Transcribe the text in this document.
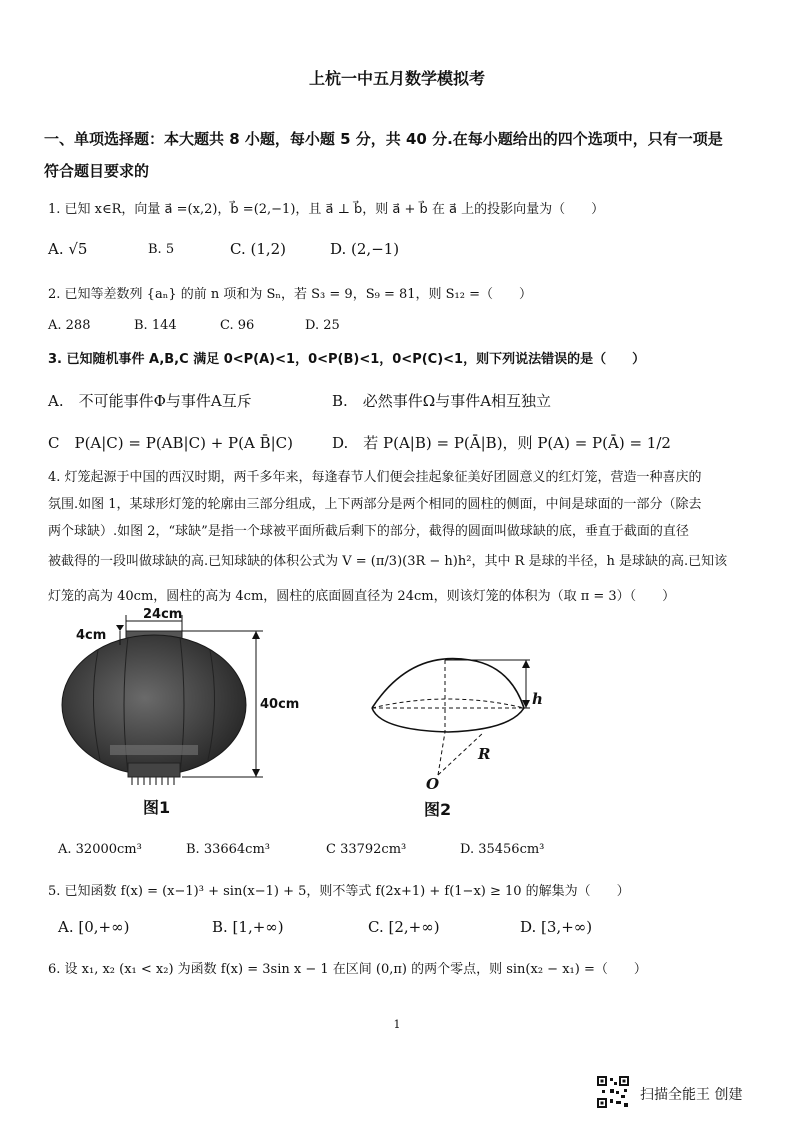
上杭一中五月数学模拟考
一、单项选择题：本大题共 8 小题，每小题 5 分，共 40 分.在每小题给出的四个选项中，只有一项是
符合题目要求的
1. 已知 x∈R，向量 a⃗ =(x,2)，b⃗ =(2,−1)，且 a⃗ ⊥ b⃗，则 a⃗ + b⃗ 在 a⃗ 上的投影向量为（　　）
A. √5	B. 5	C. (1,2)	D. (2,−1)
2. 已知等差数列 {aₙ} 的前 n 项和为 Sₙ，若 S₃ = 9，S₉ = 81，则 S₁₂ =（　　）
A. 288	B. 144	C. 96	D. 25
3. 已知随机事件 A,B,C 满足 0<P(A)<1，0<P(B)<1，0<P(C)<1，则下列说法错误的是（　　）
A.　不可能事件Φ与事件A互斥	B.　必然事件Ω与事件A相互独立
C　P(A|C) = P(AB|C) + P(A B̄|C)	D.　若 P(A|B) = P(Ā|B)，则 P(A) = P(Ā) = 1/2
4. 灯笼起源于中国的西汉时期，两千多年来，每逢春节人们便会挂起象征美好团圆意义的红灯笼，营造一种喜庆的
氛围.如图 1，某球形灯笼的轮廓由三部分组成，上下两部分是两个相同的圆柱的侧面，中间是球面的一部分（除去
两个球缺）.如图 2，“球缺”是指一个球被平面所截后剩下的部分，截得的圆面叫做球缺的底，垂直于截面的直径
被截得的一段叫做球缺的高.已知球缺的体积公式为 V = (π/3)(3R − h)h²，其中 R 是球的半径，h 是球缺的高.已知该
灯笼的高为 40cm，圆柱的高为 4cm，圆柱的底面圆直径为 24cm，则该灯笼的体积为（取 π = 3）（　　）
24cm
4cm
40cm
图1
h
R
O
图2
A. 32000cm³	B. 33664cm³	C 33792cm³	D. 35456cm³
5. 已知函数 f(x) = (x−1)³ + sin(x−1) + 5，则不等式 f(2x+1) + f(1−x) ≥ 10 的解集为（　　）
A. [0,+∞)	B. [1,+∞)	C. [2,+∞)	D. [3,+∞)
6. 设 x₁, x₂ (x₁ < x₂) 为函数 f(x) = 3sin x − 1 在区间 (0,π) 的两个零点，则 sin(x₂ − x₁) =（　　）
1
扫描全能王 创建
